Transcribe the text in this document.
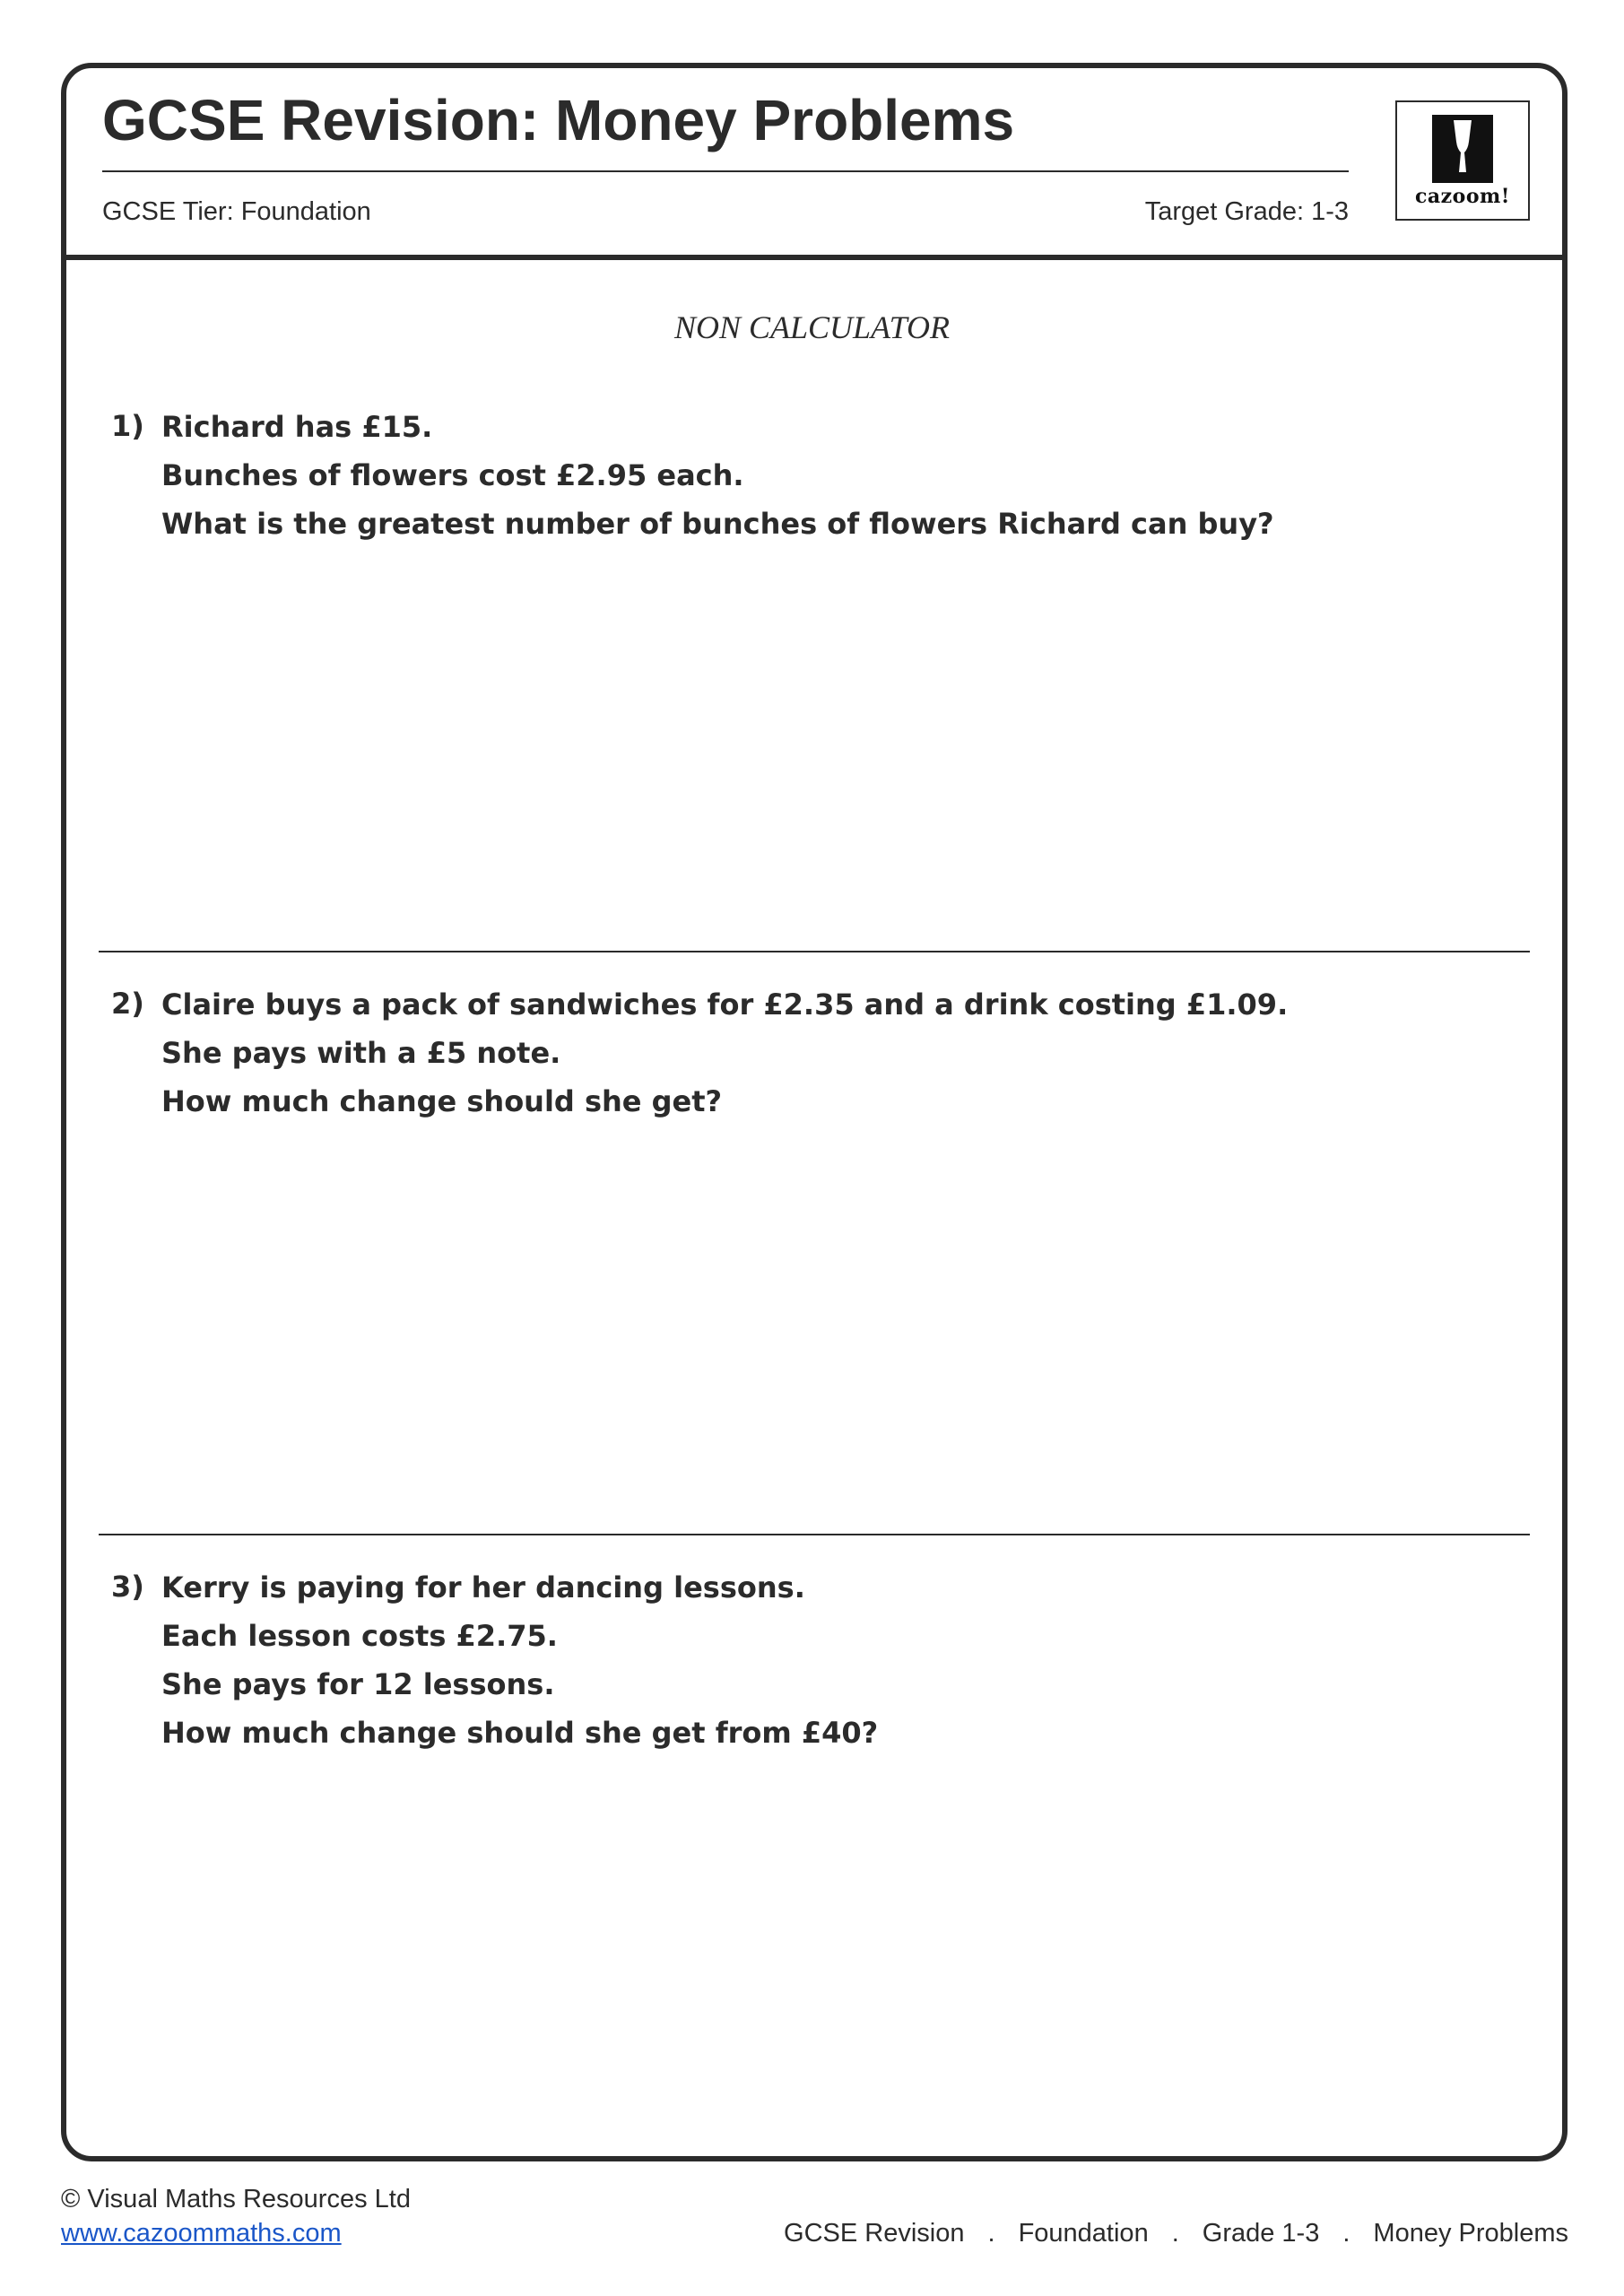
GCSE Revision: Money Problems
GCSE Tier: Foundation	Target Grade: 1-3
cazoom!
NON CALCULATOR
1) Richard has £15.
Bunches of flowers cost £2.95 each.
What is the greatest number of bunches of flowers Richard can buy?
2) Claire buys a pack of sandwiches for £2.35 and a drink costing £1.09.
She pays with a £5 note.
How much change should she get?
3) Kerry is paying for her dancing lessons.
Each lesson costs £2.75.
She pays for 12 lessons.
How much change should she get from £40?
© Visual Maths Resources Ltd
www.cazoommaths.com	GCSE Revision . Foundation . Grade 1-3 . Money Problems
